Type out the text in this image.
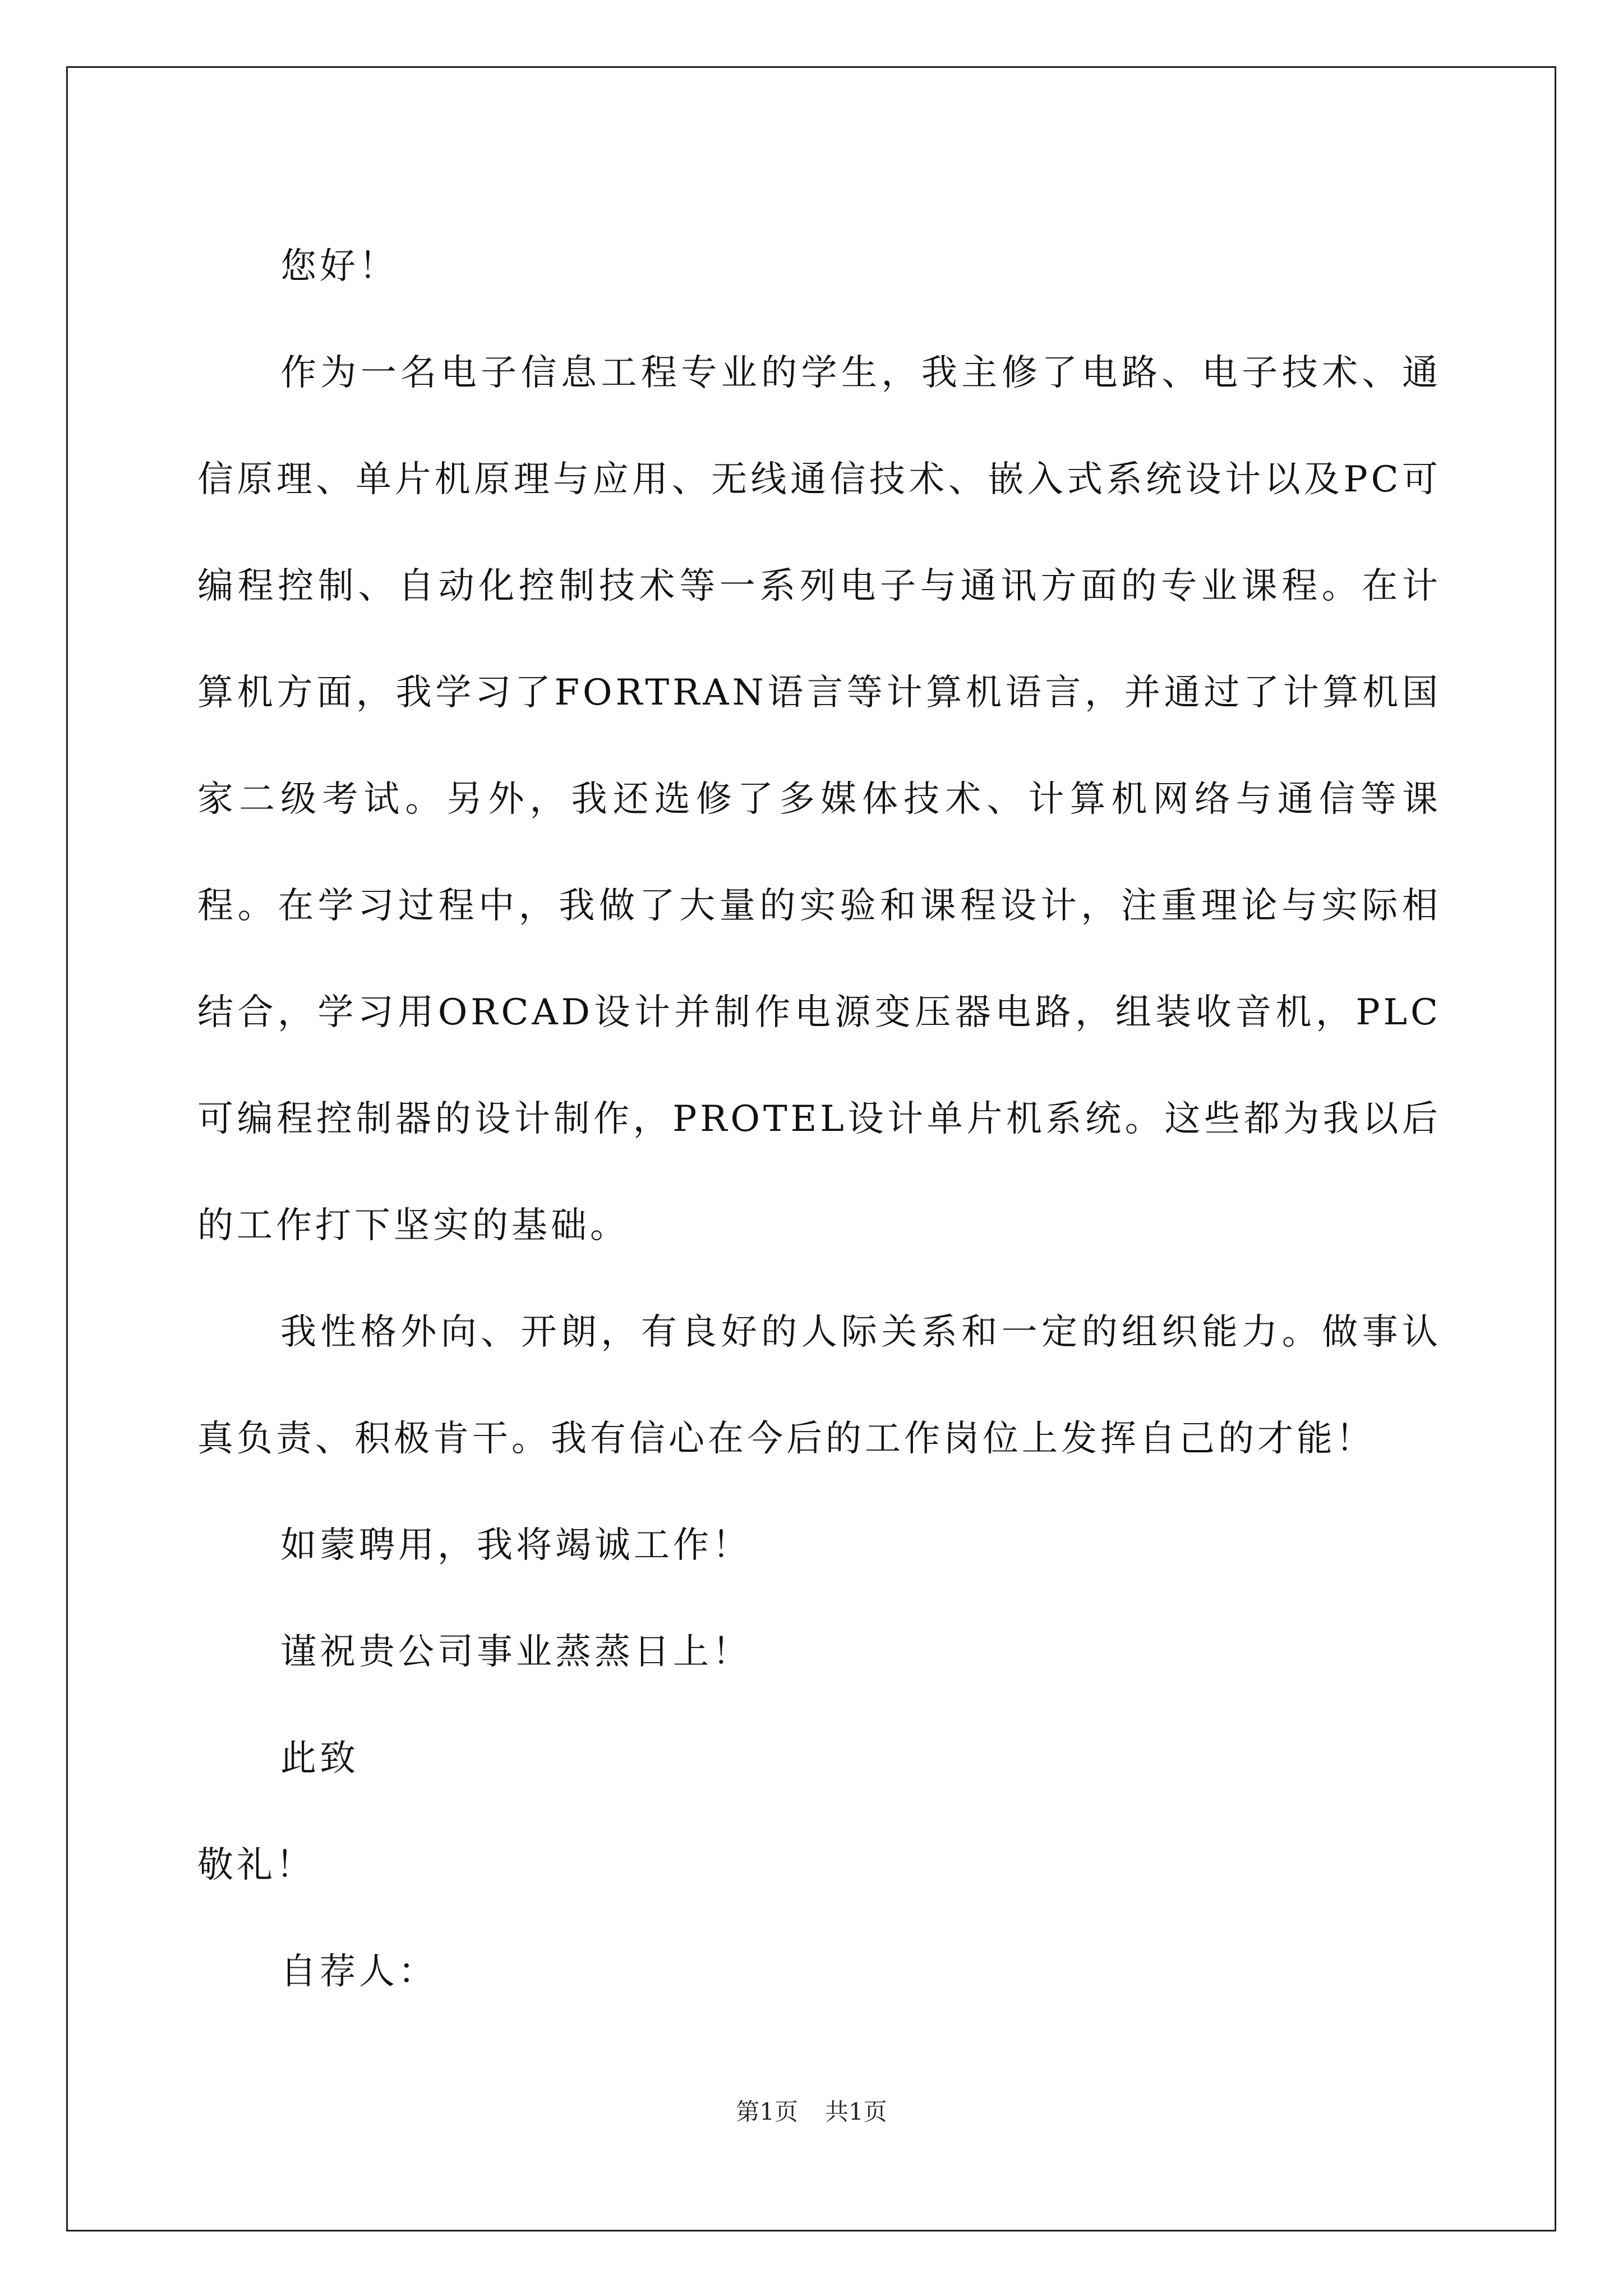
您好！

作为一名电子信息工程专业的学生，我主修了电路、电子技术、通信原理、单片机原理与应用、无线通信技术、嵌入式系统设计以及PC可编程控制、自动化控制技术等一系列电子与通讯方面的专业课程。在计算机方面，我学习了FORTRAN语言等计算机语言，并通过了计算机国家二级考试。另外，我还选修了多媒体技术、计算机网络与通信等课程。在学习过程中，我做了大量的实验和课程设计，注重理论与实际相结合，学习用ORCAD设计并制作电源变压器电路，组装收音机，PLC可编程控制器的设计制作，PROTEL设计单片机系统。这些都为我以后的工作打下坚实的基础。

我性格外向、开朗，有良好的人际关系和一定的组织能力。做事认真负责、积极肯干。我有信心在今后的工作岗位上发挥自己的才能！

如蒙聘用，我将竭诚工作！

谨祝贵公司事业蒸蒸日上！

此致

敬礼！

自荐人：

第1页 共1页
